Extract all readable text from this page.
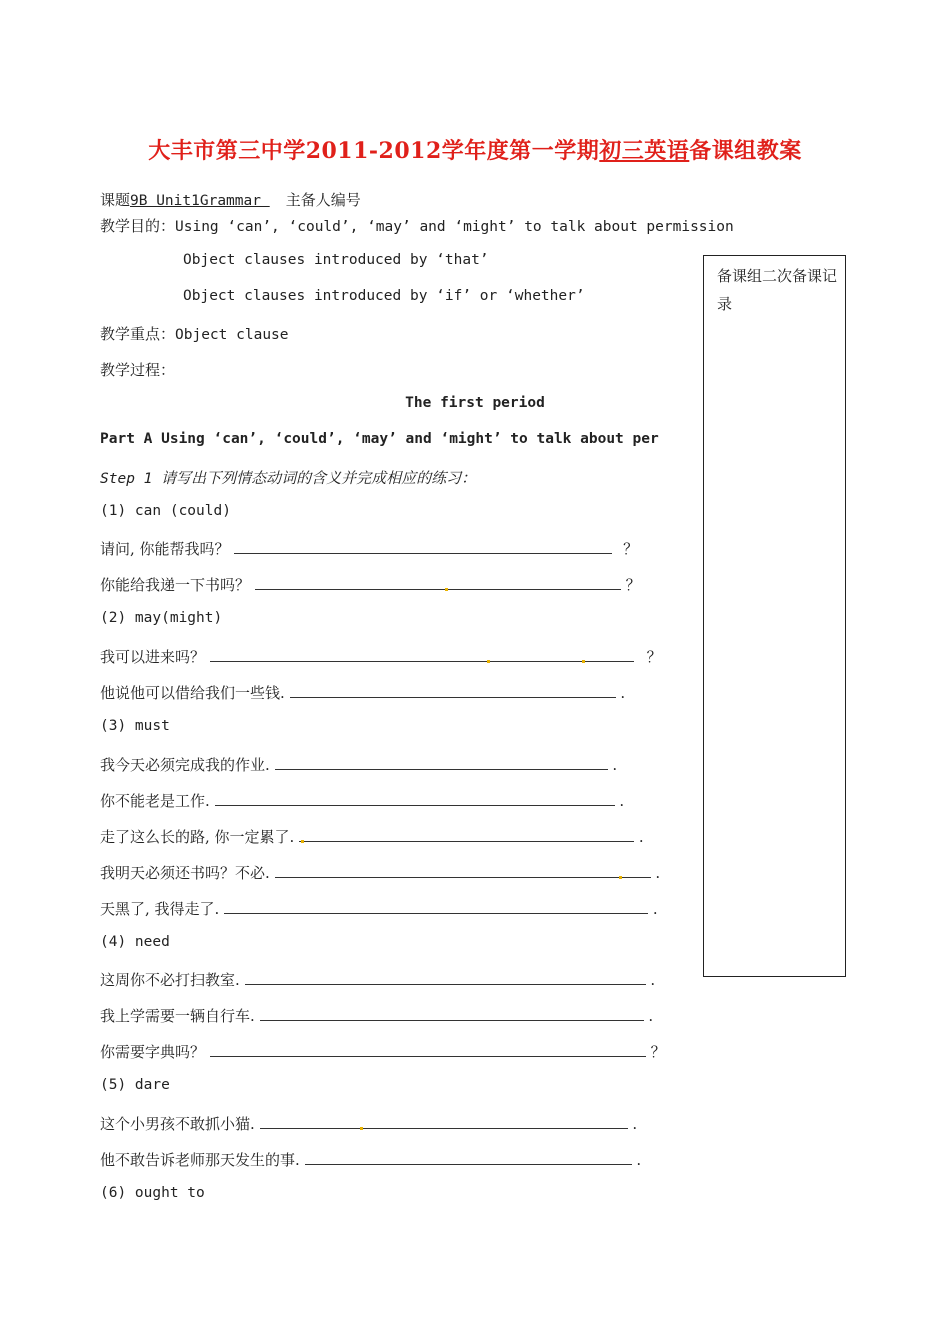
大丰市第三中学2011-2012学年度第一学期初三英语备课组教案
课题9B Unit1Grammar 主备人编号
教学目的：Using ‘can’, ‘could’, ‘may’ and ‘might’ to talk about permission
Object clauses introduced by ‘that’
Object clauses introduced by ‘if’ or ‘whether’
教学重点：Object clause
教学过程：
备课组二次备课记录
The first period
Part A Using ‘can’, ‘could’, ‘may’ and ‘might’ to talk about per
Step 1 请写出下列情态动词的含义并完成相应的练习：
(1) can (could)
请问, 你能帮我吗？	？
你能给我递一下书吗？	？
(2) may(might)
我可以进来吗？	？
他说他可以借给我们一些钱.	.
(3) must
我今天必须完成我的作业.	.
你不能老是工作.	.
走了这么长的路, 你一定累了.	.
我明天必须还书吗？不必.	.
天黑了, 我得走了.	.
(4) need
这周你不必打扫教室.	.
我上学需要一辆自行车.	.
你需要字典吗？	？
(5) dare
这个小男孩不敢抓小猫.	.
他不敢告诉老师那天发生的事.	.
(6) ought to
